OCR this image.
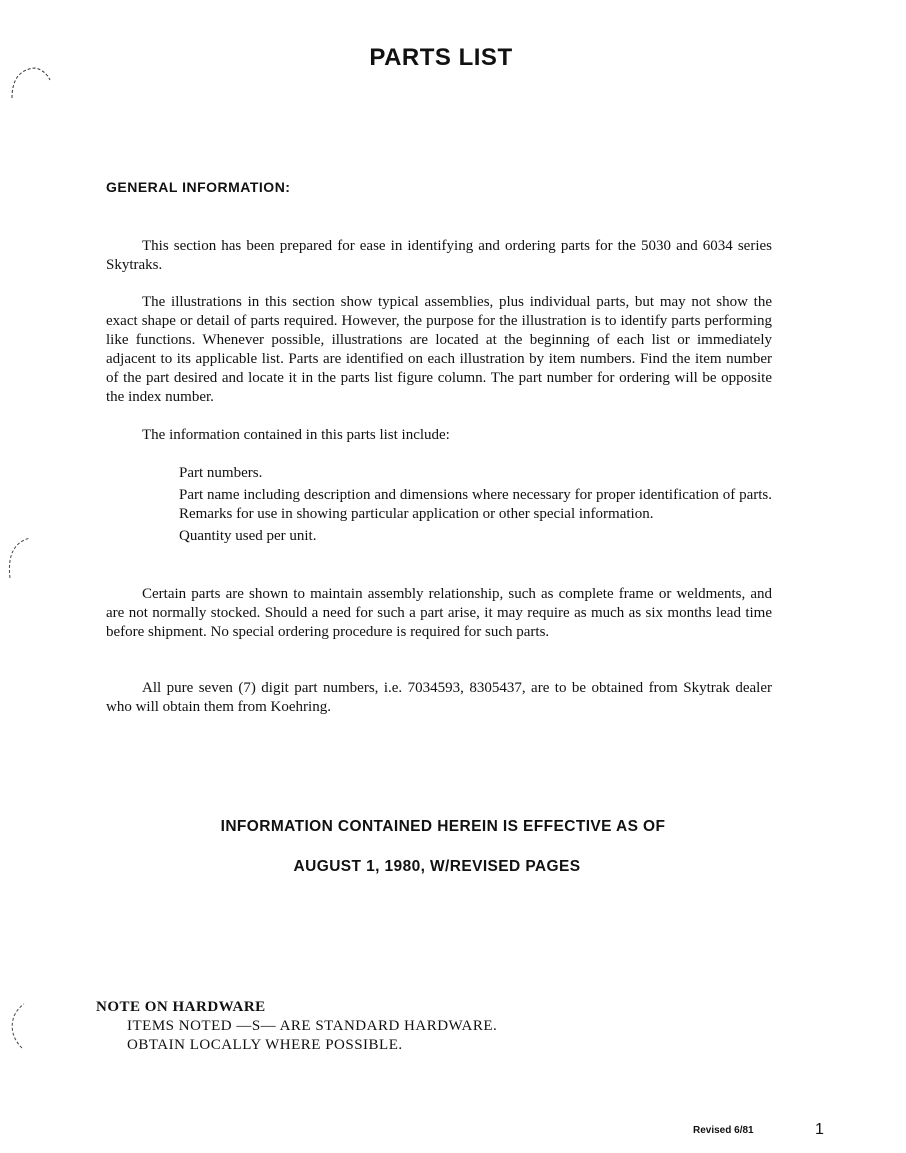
PARTS LIST
GENERAL INFORMATION:

This section has been prepared for ease in identifying and ordering parts for the 5030 and 6034 series Skytraks.

The illustrations in this section show typical assemblies, plus individual parts, but may not show the exact shape or detail of parts required. However, the purpose for the illustration is to identify parts performing like functions. Whenever possible, illustrations are located at the beginning of each list or immediately adjacent to its applicable list. Parts are identified on each illustration by item numbers. Find the item number of the part desired and locate it in the parts list figure column. The part number for ordering will be opposite the index number.

The information contained in this parts list include:

Part numbers.
Part name including description and dimensions where necessary for proper identification of parts. Remarks for use in showing particular application or other special information.
Quantity used per unit.

Certain parts are shown to maintain assembly relationship, such as complete frame or weldments, and are not normally stocked. Should a need for such a part arise, it may require as much as six months lead time before shipment. No special ordering procedure is required for such parts.

All pure seven (7) digit part numbers, i.e. 7034593, 8305437, are to be obtained from Skytrak dealer who will obtain them from Koehring.

INFORMATION CONTAINED HEREIN IS EFFECTIVE AS OF
AUGUST 1, 1980, W/REVISED PAGES
NOTE ON HARDWARE
ITEMS NOTED —S— ARE STANDARD HARDWARE.
OBTAIN LOCALLY WHERE POSSIBLE.
Revised 6/81	1
